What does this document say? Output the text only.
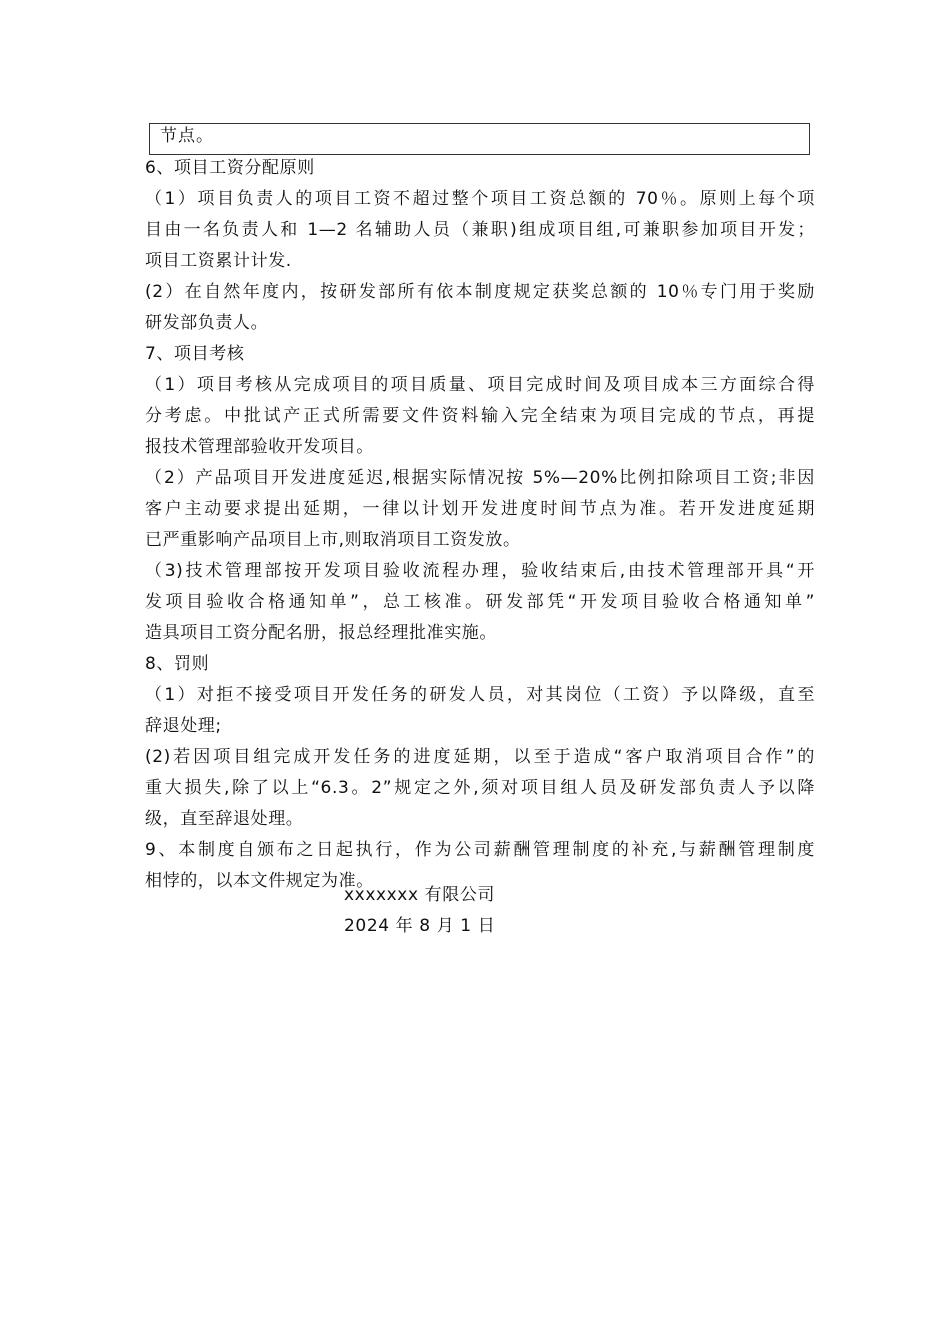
节点。
6、项目工资分配原则
（1）项目负责人的项目工资不超过整个项目工资总额的 70％。原则上每个项
目由一名负责人和 1—2 名辅助人员（兼职)组成项目组,可兼职参加项目开发；
项目工资累计计发.
(2）在自然年度内，按研发部所有依本制度规定获奖总额的 10％专门用于奖励
研发部负责人。
7、项目考核
（1）项目考核从完成项目的项目质量、项目完成时间及项目成本三方面综合得
分考虑。中批试产正式所需要文件资料输入完全结束为项目完成的节点，再提
报技术管理部验收开发项目。
（2）产品项目开发进度延迟,根据实际情况按 5%—20%比例扣除项目工资;非因
客户主动要求提出延期，一律以计划开发进度时间节点为准。若开发进度延期
已严重影响产品项目上市,则取消项目工资发放。
（3)技术管理部按开发项目验收流程办理，验收结束后,由技术管理部开具“开
发项目验收合格通知单”，总工核准。研发部凭“开发项目验收合格通知单”
造具项目工资分配名册，报总经理批准实施。
8、罚则
（1）对拒不接受项目开发任务的研发人员，对其岗位（工资）予以降级，直至
辞退处理;
(2)若因项目组完成开发任务的进度延期，以至于造成“客户取消项目合作”的
重大损失,除了以上“6.3。2”规定之外,须对项目组人员及研发部负责人予以降
级，直至辞退处理。
9、本制度自颁布之日起执行，作为公司薪酬管理制度的补充,与薪酬管理制度
相悖的，以本文件规定为准。
xxxxxxx 有限公司
2024 年 8 月 1 日
